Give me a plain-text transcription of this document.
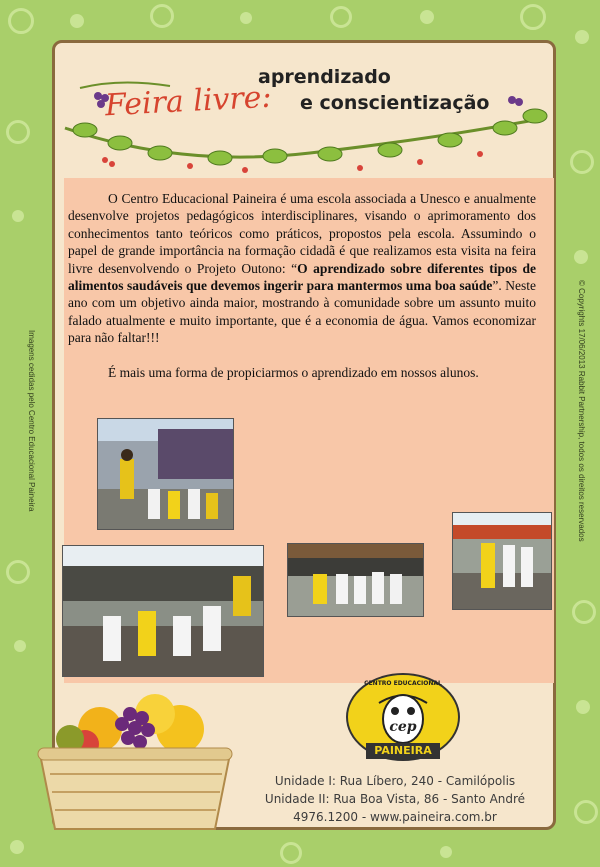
Feira livre:
aprendizado
e conscientização

O Centro Educacional Paineira é uma escola associada a Unesco e anualmente desenvolve projetos pedagógicos interdisciplinares, visando o aprimoramento dos conhecimentos tanto teóricos como práticos, propostos pela escola. Assumindo o papel de grande importância na formação cidadã é que realizamos esta visita na feira livre desenvolvendo o Projeto Outono: “O aprendizado sobre diferentes tipos de alimentos saudáveis que devemos ingerir para mantermos uma boa saúde”. Neste ano com um objetivo ainda maior, mostrando à comunidade sobre um assunto muito falado atualmente e muito importante, que é a economia de água. Vamos economizar para não faltar!!!

É mais uma forma de propiciarmos o aprendizado em nossos alunos.

Imagens cedidas pelo Centro Educacional Paineira	© Copyrights 17/06/2013 Rabbit Partnership, todos os direitos reservados
CENTRO EDUCACIONAL
cep
PAINEIRA
Unidade I: Rua Líbero, 240 - Camilópolis
Unidade II: Rua Boa Vista, 86 - Santo André
4976.1200 - www.paineira.com.br
